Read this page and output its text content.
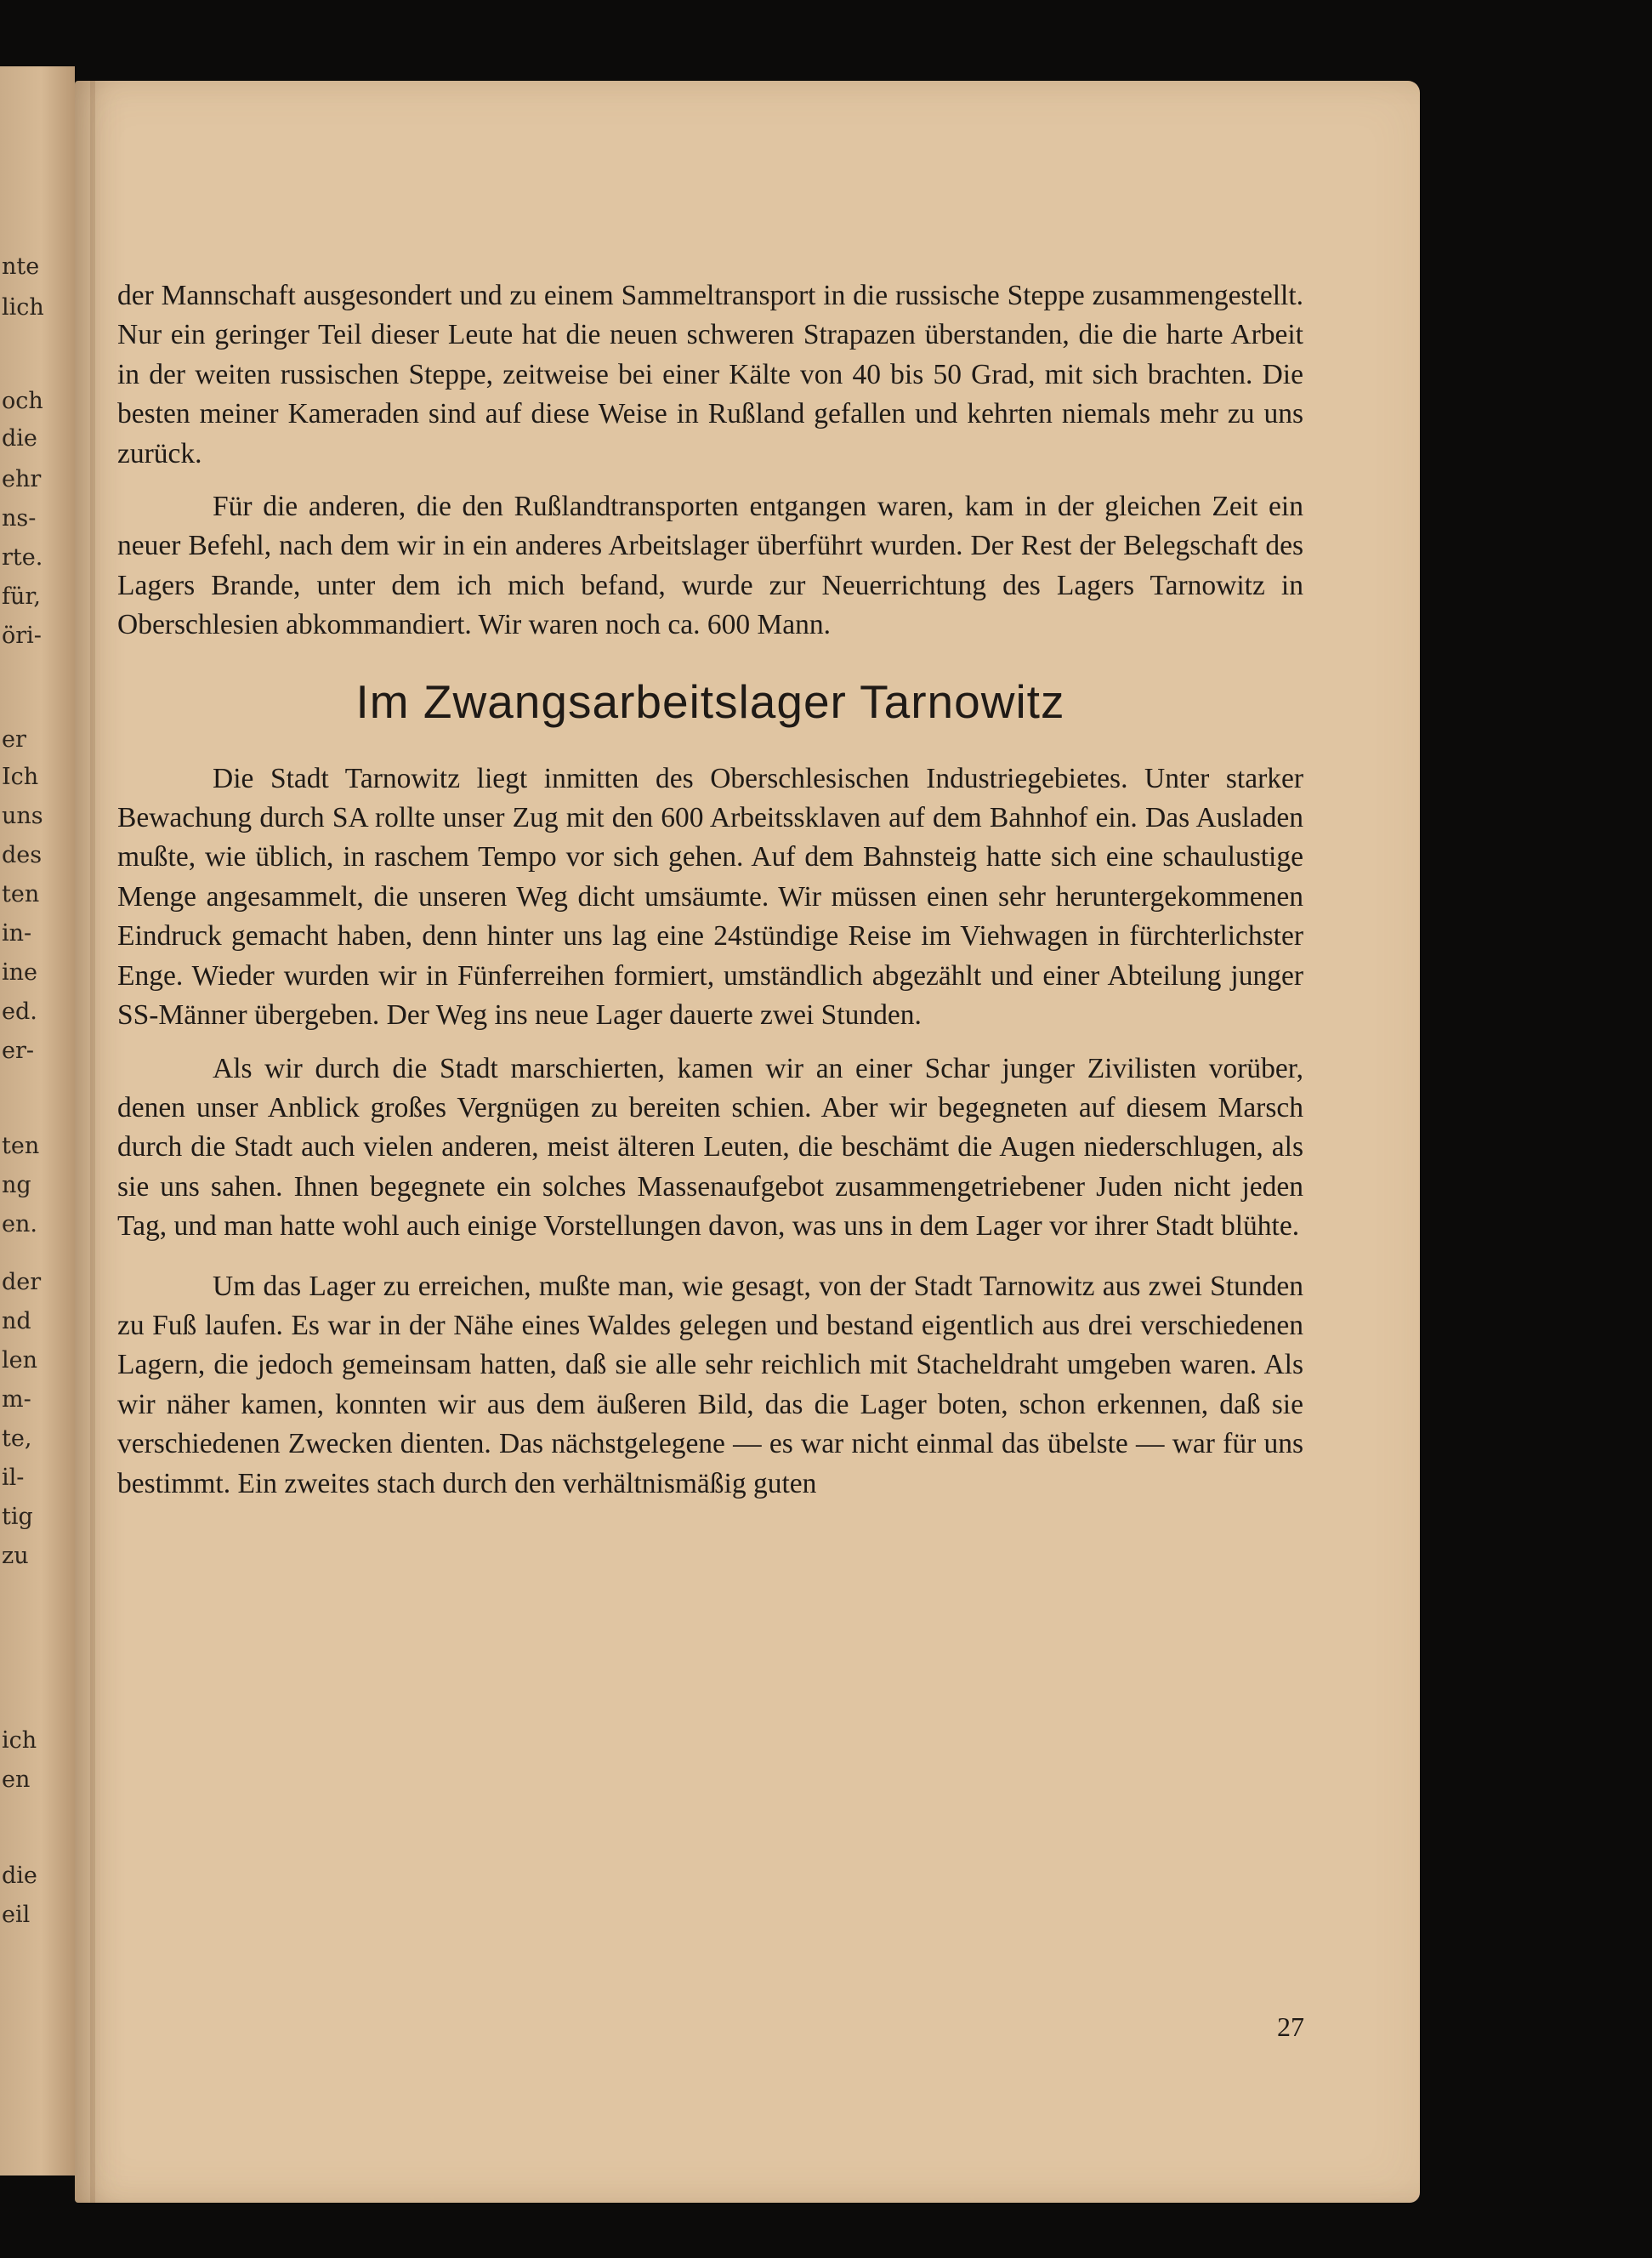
nte
lich
och
die
ehr
ns-
rte.
für,
öri-
er
Ich
uns
des
ten
in-
ine
ed.
er-
ten
ng
en.
der
nd
len
m-
te,
il-
tig
zu
ich
en
die
eil

der Mannschaft ausgesondert und zu einem Sammeltransport in die russische Steppe zusammengestellt. Nur ein geringer Teil dieser Leute hat die neuen schweren Strapazen überstanden, die die harte Arbeit in der weiten russischen Steppe, zeitweise bei einer Kälte von 40 bis 50 Grad, mit sich brachten. Die besten meiner Kameraden sind auf diese Weise in Rußland gefallen und kehrten niemals mehr zu uns zurück.

Für die anderen, die den Rußlandtransporten entgangen waren, kam in der gleichen Zeit ein neuer Befehl, nach dem wir in ein anderes Arbeitslager überführt wurden. Der Rest der Belegschaft des Lagers Brande, unter dem ich mich befand, wurde zur Neuerrichtung des Lagers Tarnowitz in Oberschlesien abkommandiert. Wir waren noch ca. 600 Mann.

Im Zwangsarbeitslager Tarnowitz

Die Stadt Tarnowitz liegt inmitten des Oberschlesischen Industriegebietes. Unter starker Bewachung durch SA rollte unser Zug mit den 600 Arbeitssklaven auf dem Bahnhof ein. Das Ausladen mußte, wie üblich, in raschem Tempo vor sich gehen. Auf dem Bahnsteig hatte sich eine schaulustige Menge angesammelt, die unseren Weg dicht umsäumte. Wir müssen einen sehr heruntergekommenen Eindruck gemacht haben, denn hinter uns lag eine 24stündige Reise im Viehwagen in fürchterlichster Enge. Wieder wurden wir in Fünferreihen formiert, umständlich abgezählt und einer Abteilung junger SS-Männer übergeben. Der Weg ins neue Lager dauerte zwei Stunden.

Als wir durch die Stadt marschierten, kamen wir an einer Schar junger Zivilisten vorüber, denen unser Anblick großes Vergnügen zu bereiten schien. Aber wir begegneten auf diesem Marsch durch die Stadt auch vielen anderen, meist älteren Leuten, die beschämt die Augen niederschlugen, als sie uns sahen. Ihnen begegnete ein solches Massenaufgebot zusammengetriebener Juden nicht jeden Tag, und man hatte wohl auch einige Vorstellungen davon, was uns in dem Lager vor ihrer Stadt blühte.

Um das Lager zu erreichen, mußte man, wie gesagt, von der Stadt Tarnowitz aus zwei Stunden zu Fuß laufen. Es war in der Nähe eines Waldes gelegen und bestand eigentlich aus drei verschiedenen Lagern, die jedoch gemeinsam hatten, daß sie alle sehr reichlich mit Stacheldraht umgeben waren. Als wir näher kamen, konnten wir aus dem äußeren Bild, das die Lager boten, schon erkennen, daß sie verschiedenen Zwecken dienten. Das nächstgelegene — es war nicht einmal das übelste — war für uns bestimmt. Ein zweites stach durch den verhältnismäßig guten

27
